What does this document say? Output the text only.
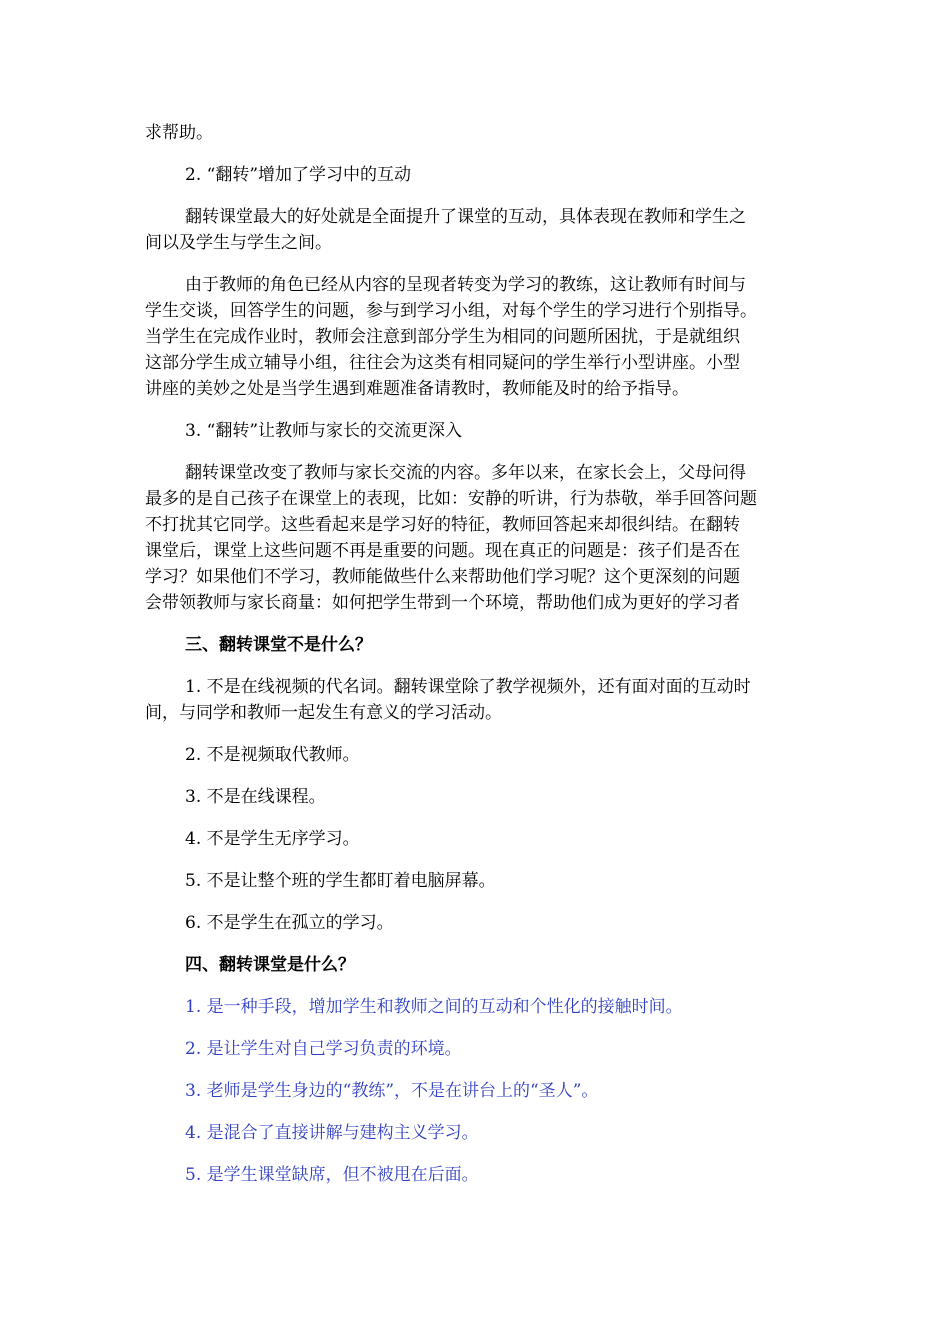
求帮助。
2. “翻转”增加了学习中的互动
翻转课堂最大的好处就是全面提升了课堂的互动，具体表现在教师和学生之
间以及学生与学生之间。
由于教师的角色已经从内容的呈现者转变为学习的教练，这让教师有时间与
学生交谈，回答学生的问题，参与到学习小组，对每个学生的学习进行个别指导。
当学生在完成作业时，教师会注意到部分学生为相同的问题所困扰，于是就组织
这部分学生成立辅导小组，往往会为这类有相同疑问的学生举行小型讲座。小型
讲座的美妙之处是当学生遇到难题准备请教时，教师能及时的给予指导。
3. “翻转”让教师与家长的交流更深入
翻转课堂改变了教师与家长交流的内容。多年以来，在家长会上，父母问得
最多的是自己孩子在课堂上的表现，比如：安静的听讲，行为恭敬，举手回答问题
不打扰其它同学。这些看起来是学习好的特征，教师回答起来却很纠结。在翻转
课堂后，课堂上这些问题不再是重要的问题。现在真正的问题是：孩子们是否在
学习？如果他们不学习，教师能做些什么来帮助他们学习呢？这个更深刻的问题
会带领教师与家长商量：如何把学生带到一个环境，帮助他们成为更好的学习者
三、翻转课堂不是什么？
1. 不是在线视频的代名词。翻转课堂除了教学视频外，还有面对面的互动时
间，与同学和教师一起发生有意义的学习活动。
2. 不是视频取代教师。
3. 不是在线课程。
4. 不是学生无序学习。
5. 不是让整个班的学生都盯着电脑屏幕。
6. 不是学生在孤立的学习。
四、翻转课堂是什么？
1. 是一种手段，增加学生和教师之间的互动和个性化的接触时间。
2. 是让学生对自己学习负责的环境。
3. 老师是学生身边的“教练”，不是在讲台上的“圣人”。
4. 是混合了直接讲解与建构主义学习。
5. 是学生课堂缺席，但不被甩在后面。
